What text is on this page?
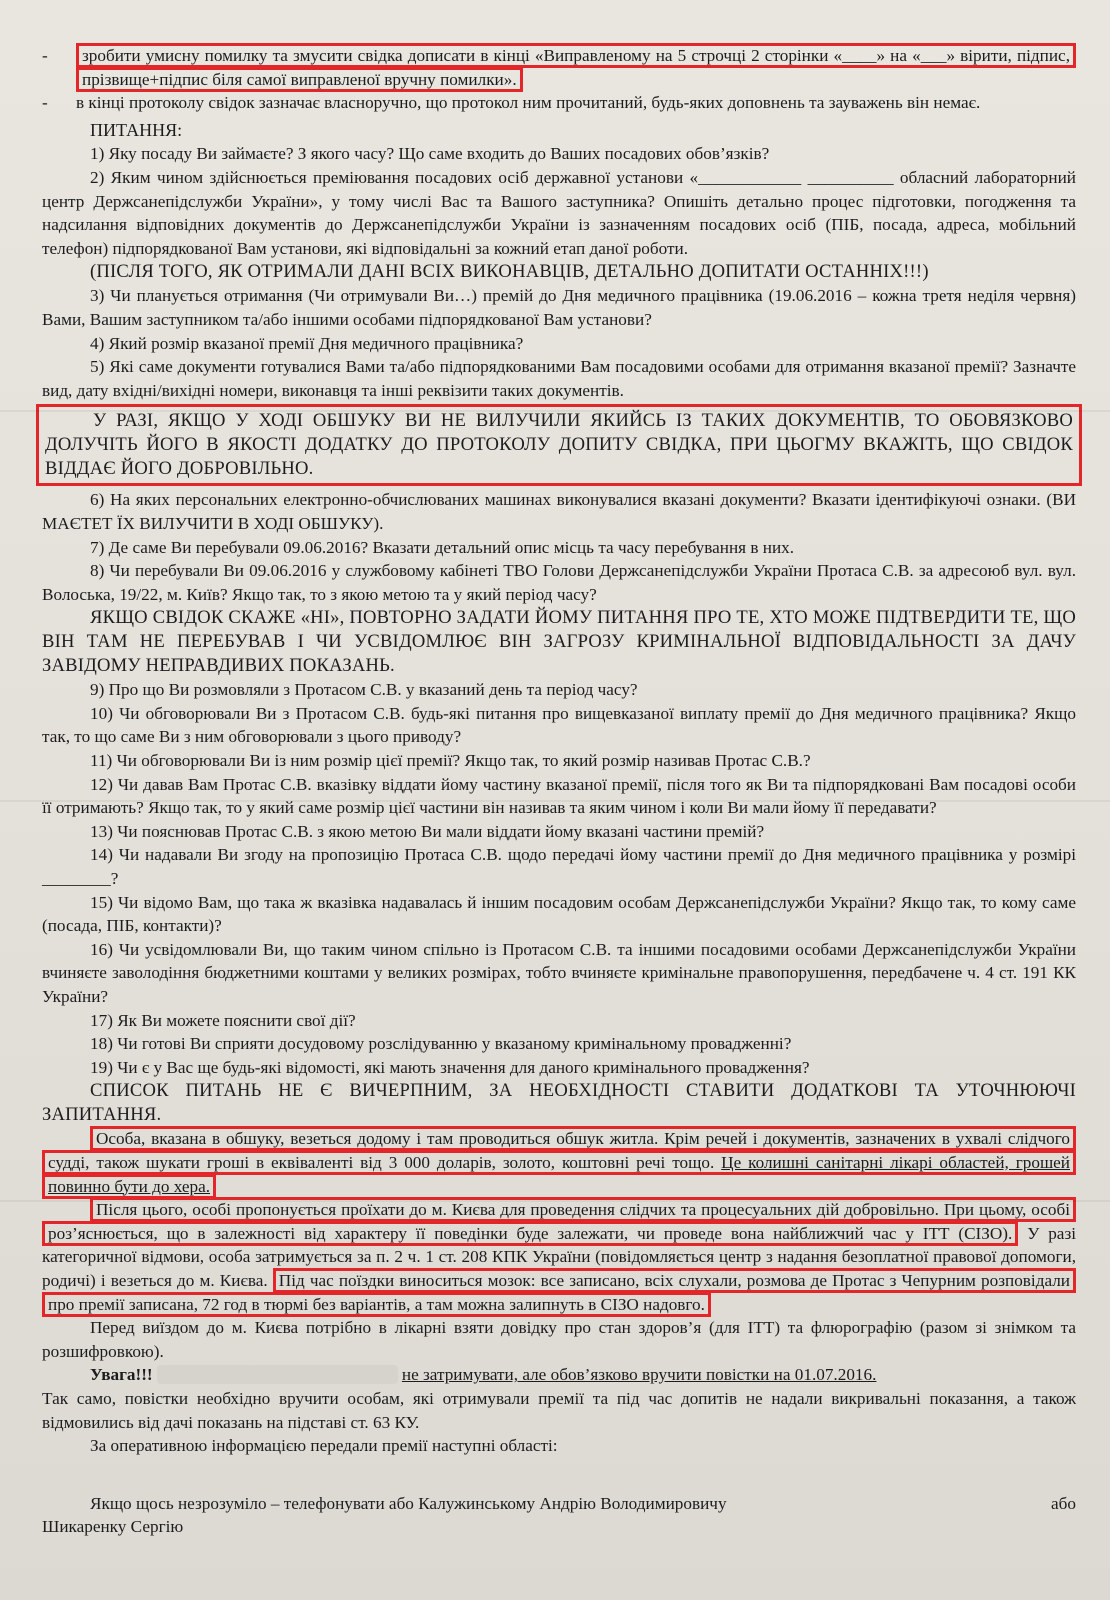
- зробити умисну помилку та змусити свідка дописати в кінці «Виправленому на 5 строчці 2 сторінки «____» на «___» вірити, підпис, прізвище+підпис біля самої виправленої вручну помилки».

- в кінці протоколу свідок зазначає власноручно, що протокол ним прочитаний, будь-яких доповнень та зауважень він немає.

ПИТАННЯ:

1) Яку посаду Ви займаєте? З якого часу? Що саме входить до Ваших посадових обов’язків?

2) Яким чином здійснюється преміювання посадових осіб державної установи «____________ __________ обласний лабораторний центр Держсанепідслужби України», у тому числі Вас та Вашого заступника? Опишіть детально процес підготовки, погодження та надсилання відповідних документів до Держсанепідслужби України із зазначенням посадових осіб (ПІБ, посада, адреса, мобільний телефон) підпорядкованої Вам установи, які відповідальні за кожний етап даної роботи.

(ПІСЛЯ ТОГО, ЯК ОТРИМАЛИ ДАНІ ВСІХ ВИКОНАВЦІВ, ДЕТАЛЬНО ДОПИТАТИ ОСТАННІХ!!!)

3) Чи планується отримання (Чи отримували Ви…) премій до Дня медичного працівника (19.06.2016 – кожна третя неділя червня) Вами, Вашим заступником та/або іншими особами підпорядкованої Вам установи?

4) Який розмір вказаної премії Дня медичного працівника?

5) Які саме документи готувалися Вами та/або підпорядкованими Вам посадовими особами для отримання вказаної премії? Зазначте вид, дату вхідні/вихідні номери, виконавця та інші реквізити таких документів.

У РАЗІ, ЯКЩО У ХОДІ ОБШУКУ ВИ НЕ ВИЛУЧИЛИ ЯКИЙСЬ ІЗ ТАКИХ ДОКУМЕНТІВ, ТО ОБОВЯЗКОВО ДОЛУЧІТЬ ЙОГО В ЯКОСТІ ДОДАТКУ ДО ПРОТОКОЛУ ДОПИТУ СВІДКА, ПРИ ЦЬОГМУ ВКАЖІТЬ, ЩО СВІДОК ВІДДАЄ ЙОГО ДОБРОВІЛЬНО.

6) На яких персональних електронно-обчислюваних машинах виконувалися вказані документи? Вказати ідентифікуючі ознаки. (ВИ МАЄТЕТ ЇХ ВИЛУЧИТИ В ХОДІ ОБШУКУ).

7) Де саме Ви перебували 09.06.2016? Вказати детальний опис місць та часу перебування в них.

8) Чи перебували Ви 09.06.2016 у службовому кабінеті ТВО Голови Держсанепідслужби України Протаса С.В. за адресоюб вул. вул. Волоська, 19/22, м. Київ? Якщо так, то з якою метою та у який період часу?

ЯКЩО СВІДОК СКАЖЕ «НІ», ПОВТОРНО ЗАДАТИ ЙОМУ ПИТАННЯ ПРО ТЕ, ХТО МОЖЕ ПІДТВЕРДИТИ ТЕ, ЩО ВІН ТАМ НЕ ПЕРЕБУВАВ І ЧИ УСВІДОМЛЮЄ ВІН ЗАГРОЗУ КРИМІНАЛЬНОЇ ВІДПОВІДАЛЬНОСТІ ЗА ДАЧУ ЗАВІДОМУ НЕПРАВДИВИХ ПОКАЗАНЬ.

9) Про що Ви розмовляли з Протасом С.В. у вказаний день та період часу?

10) Чи обговорювали Ви з Протасом С.В. будь-які питання про вищевказаної виплату премії до Дня медичного працівника? Якщо так, то що саме Ви з ним обговорювали з цього приводу?

11) Чи обговорювали Ви із ним розмір цієї премії? Якщо так, то який розмір називав Протас С.В.?

12) Чи давав Вам Протас С.В. вказівку віддати йому частину вказаної премії, після того як Ви та підпорядковані Вам посадові особи її отримають? Якщо так, то у який саме розмір цієї частини він називав та яким чином і коли Ви мали йому її передавати?

13) Чи пояснював Протас С.В. з якою метою Ви мали віддати йому вказані частини премій?

14) Чи надавали Ви згоду на пропозицію Протаса С.В. щодо передачі йому частини премії до Дня медичного працівника у розмірі ________?

15) Чи відомо Вам, що така ж вказівка надавалась й іншим посадовим особам Держсанепідслужби України? Якщо так, то кому саме (посада, ПІБ, контакти)?

16) Чи усвідомлювали Ви, що таким чином спільно із Протасом С.В. та іншими посадовими особами Держсанепідслужби України вчиняєте заволодіння бюджетними коштами у великих розмірах, тобто вчиняєте кримінальне правопорушення, передбачене ч. 4 ст. 191 КК України?

17) Як Ви можете пояснити свої дії?

18) Чи готові Ви сприяти досудовому розслідуванню у вказаному кримінальному провадженні?

19) Чи є у Вас ще будь-які відомості, які мають значення для даного кримінального провадження?

СПИСОК ПИТАНЬ НЕ Є ВИЧЕРПНИМ, ЗА НЕОБХІДНОСТІ СТАВИТИ ДОДАТКОВІ ТА УТОЧНЮЮЧІ ЗАПИТАННЯ.

Особа, вказана в обшуку, везеться додому і там проводиться обшук житла. Крім речей і документів, зазначених в ухвалі слідчого судді, також шукати гроші в еквіваленті від 3 000 доларів, золото, коштовні речі тощо. Це колишні санітарні лікарі областей, грошей повинно бути до хера.

Після цього, особі пропонується проїхати до м. Києва для проведення слідчих та процесуальних дій добровільно. При цьому, особі роз’яснюється, що в залежності від характеру її поведінки буде залежати, чи проведе вона найближчий час у ІТТ (СІЗО). У разі категоричної відмови, особа затримується за п. 2 ч. 1 ст. 208 КПК України (повідомляється центр з надання безоплатної правової допомоги, родичі) і везеться до м. Києва. Під час поїздки виноситься мозок: все записано, всіх слухали, розмова де Протас з Чепурним розповідали про премії записана, 72 год в тюрмі без варіантів, а там можна залипнуть в СІЗО надовго.

Перед виїздом до м. Києва потрібно в лікарні взяти довідку про стан здоров’я (для ІТТ) та флюрографію (разом зі знімком та розшифровкою).

Увага!!!	не затримувати, але обов’язково вручити повістки на 01.07.2016.

Так само, повістки необхідно вручити особам, які отримували премії та під час допитів не надали викривальні показання, а також відмовились від дачі показань на підставі ст. 63 КУ.

За оперативною інформацією передали премії наступні області:

Якщо щось незрозуміло – телефонувати або Калужинському Андрію Володимировичу	або

Шикаренку Сергію
